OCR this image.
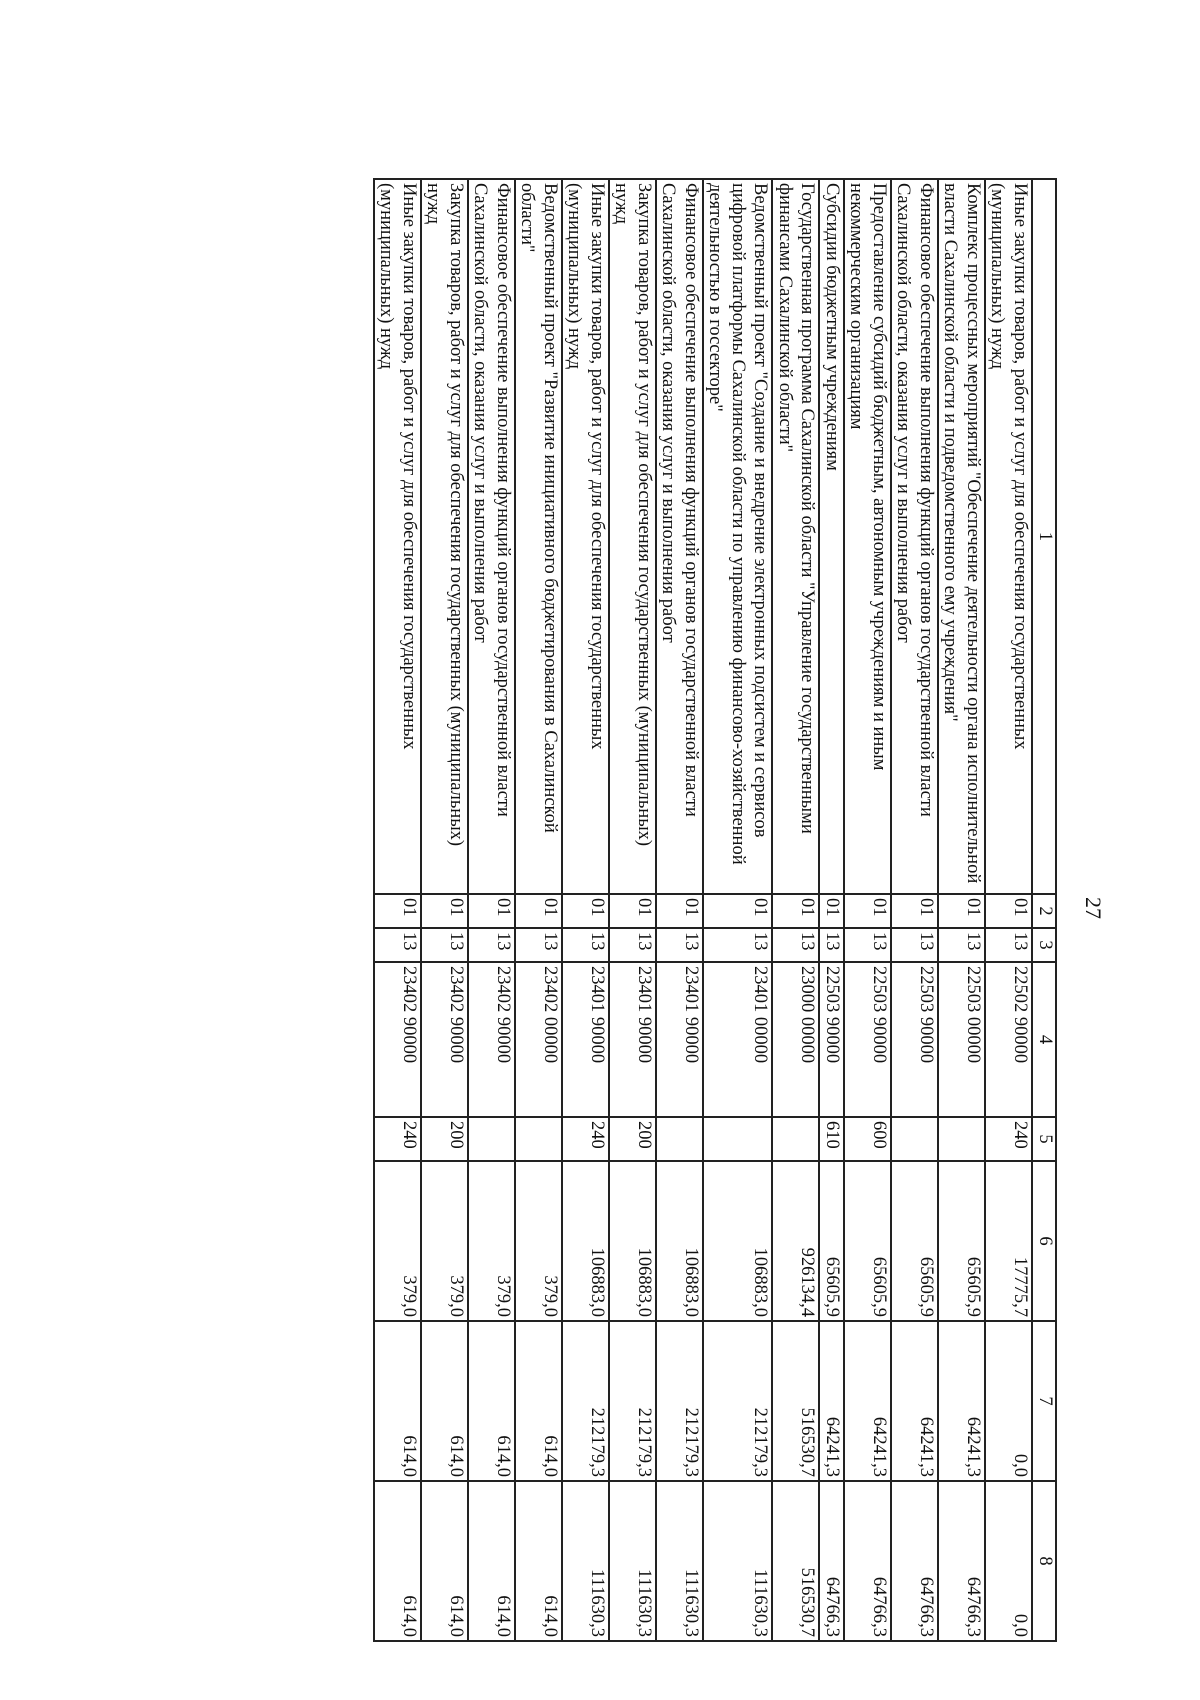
27
1	2	3	4	5	6	7	8
Иные закупки товаров, работ и услуг для обеспечения государственных (муниципальных) нужд	01	13	22502 90000	240	17775,7	0,0	0,0
Комплекс процессных мероприятий "Обеспечение деятельности органа исполнительной власти Сахалинской области и подведомственного ему учреждения"	01	13	22503 00000		65605,9	64241,3	64766,3
Финансовое обеспечение выполнения функций органов государственной власти Сахалинской области, оказания услуг и выполнения работ	01	13	22503 90000		65605,9	64241,3	64766,3
Предоставление субсидий бюджетным, автономным учреждениям и иным некоммерческим организациям	01	13	22503 90000	600	65605,9	64241,3	64766,3
Субсидии бюджетным учреждениям	01	13	22503 90000	610	65605,9	64241,3	64766,3
Государственная программа Сахалинской области "Управление государственными финансами Сахалинской области"	01	13	23000 00000		926134,4	516530,7	516530,7
Ведомственный проект "Создание и внедрение электронных подсистем и сервисов цифровой платформы Сахалинской области по управлению финансово-хозяйственной деятельностью в госсекторе"	01	13	23401 00000		106883,0	212179,3	111630,3
Финансовое обеспечение выполнения функций органов государственной власти Сахалинской области, оказания услуг и выполнения работ	01	13	23401 90000		106883,0	212179,3	111630,3
Закупка товаров, работ и услуг для обеспечения государственных (муниципальных) нужд	01	13	23401 90000	200	106883,0	212179,3	111630,3
Иные закупки товаров, работ и услуг для обеспечения государственных (муниципальных) нужд	01	13	23401 90000	240	106883,0	212179,3	111630,3
Ведомственный проект "Развитие инициативного бюджетирования в Сахалинской области"	01	13	23402 00000		379,0	614,0	614,0
Финансовое обеспечение выполнения функций органов государственной власти Сахалинской области, оказания услуг и выполнения работ	01	13	23402 90000		379,0	614,0	614,0
Закупка товаров, работ и услуг для обеспечения государственных (муниципальных) нужд	01	13	23402 90000	200	379,0	614,0	614,0
Иные закупки товаров, работ и услуг для обеспечения государственных (муниципальных) нужд	01	13	23402 90000	240	379,0	614,0	614,0
